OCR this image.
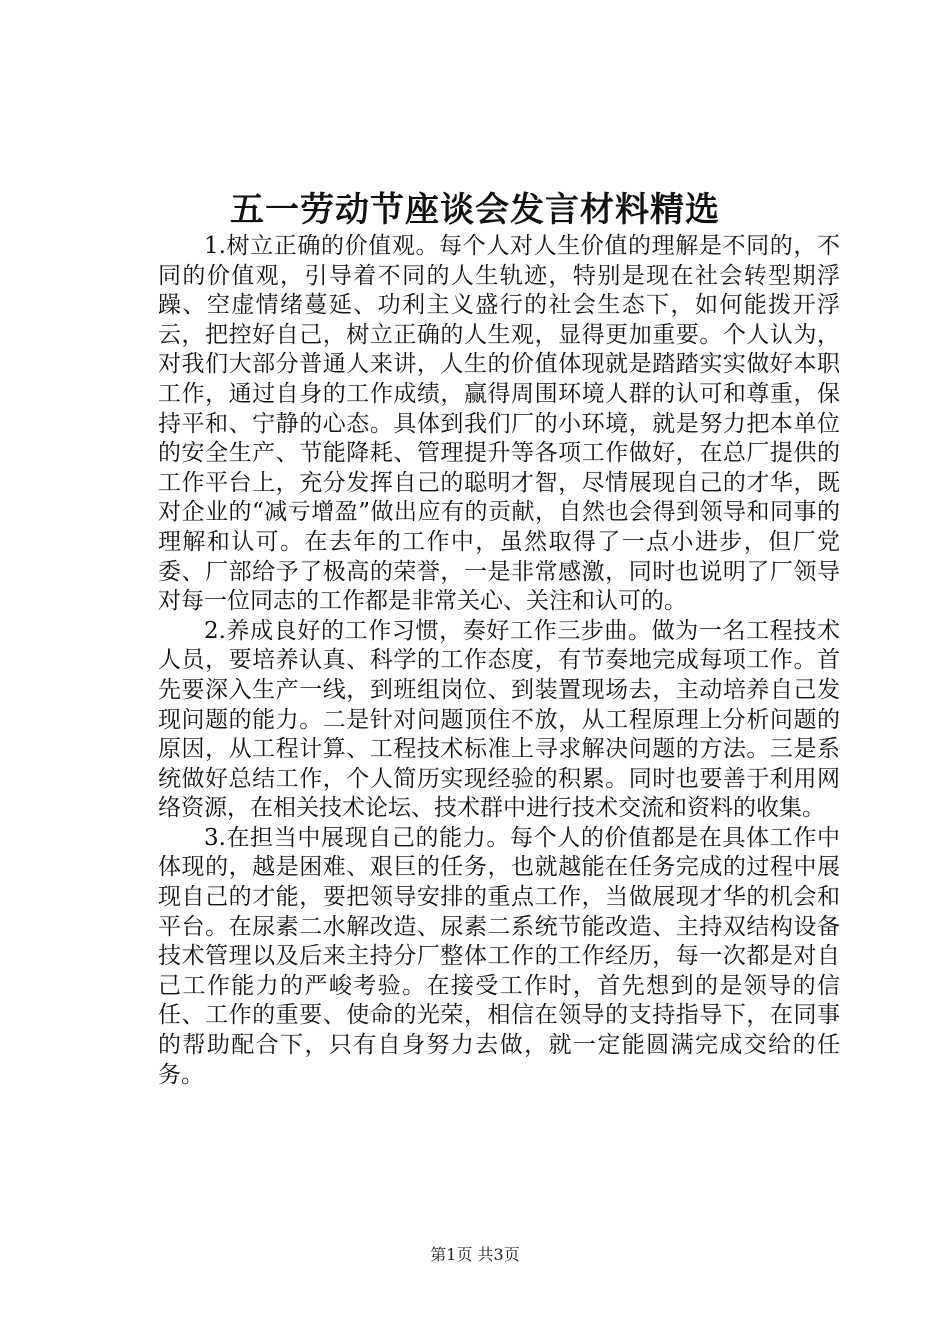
五一劳动节座谈会发言材料精选

1.树立正确的价值观。每个人对人生价值的理解是不同的，不同的价值观，引导着不同的人生轨迹，特别是现在社会转型期浮躁、空虚情绪蔓延、功利主义盛行的社会生态下，如何能拨开浮云，把控好自己，树立正确的人生观，显得更加重要。个人认为，对我们大部分普通人来讲，人生的价值体现就是踏踏实实做好本职工作，通过自身的工作成绩，赢得周围环境人群的认可和尊重，保持平和、宁静的心态。具体到我们厂的小环境，就是努力把本单位的安全生产、节能降耗、管理提升等各项工作做好，在总厂提供的工作平台上，充分发挥自己的聪明才智，尽情展现自己的才华，既对企业的“减亏增盈”做出应有的贡献，自然也会得到领导和同事的理解和认可。在去年的工作中，虽然取得了一点小进步，但厂党委、厂部给予了极高的荣誉，一是非常感激，同时也说明了厂领导对每一位同志的工作都是非常关心、关注和认可的。

2.养成良好的工作习惯，奏好工作三步曲。做为一名工程技术人员，要培养认真、科学的工作态度，有节奏地完成每项工作。首先要深入生产一线，到班组岗位、到装置现场去，主动培养自己发现问题的能力。二是针对问题顶住不放，从工程原理上分析问题的原因，从工程计算、工程技术标准上寻求解决问题的方法。三是系统做好总结工作，个人简历实现经验的积累。同时也要善于利用网络资源，在相关技术论坛、技术群中进行技术交流和资料的收集。

3.在担当中展现自己的能力。每个人的价值都是在具体工作中体现的，越是困难、艰巨的任务，也就越能在任务完成的过程中展现自己的才能，要把领导安排的重点工作，当做展现才华的机会和平台。在尿素二水解改造、尿素二系统节能改造、主持双结构设备技术管理以及后来主持分厂整体工作的工作经历，每一次都是对自己工作能力的严峻考验。在接受工作时，首先想到的是领导的信任、工作的重要、使命的光荣，相信在领导的支持指导下，在同事的帮助配合下，只有自身努力去做，就一定能圆满完成交给的任务。

第1页 共3页
